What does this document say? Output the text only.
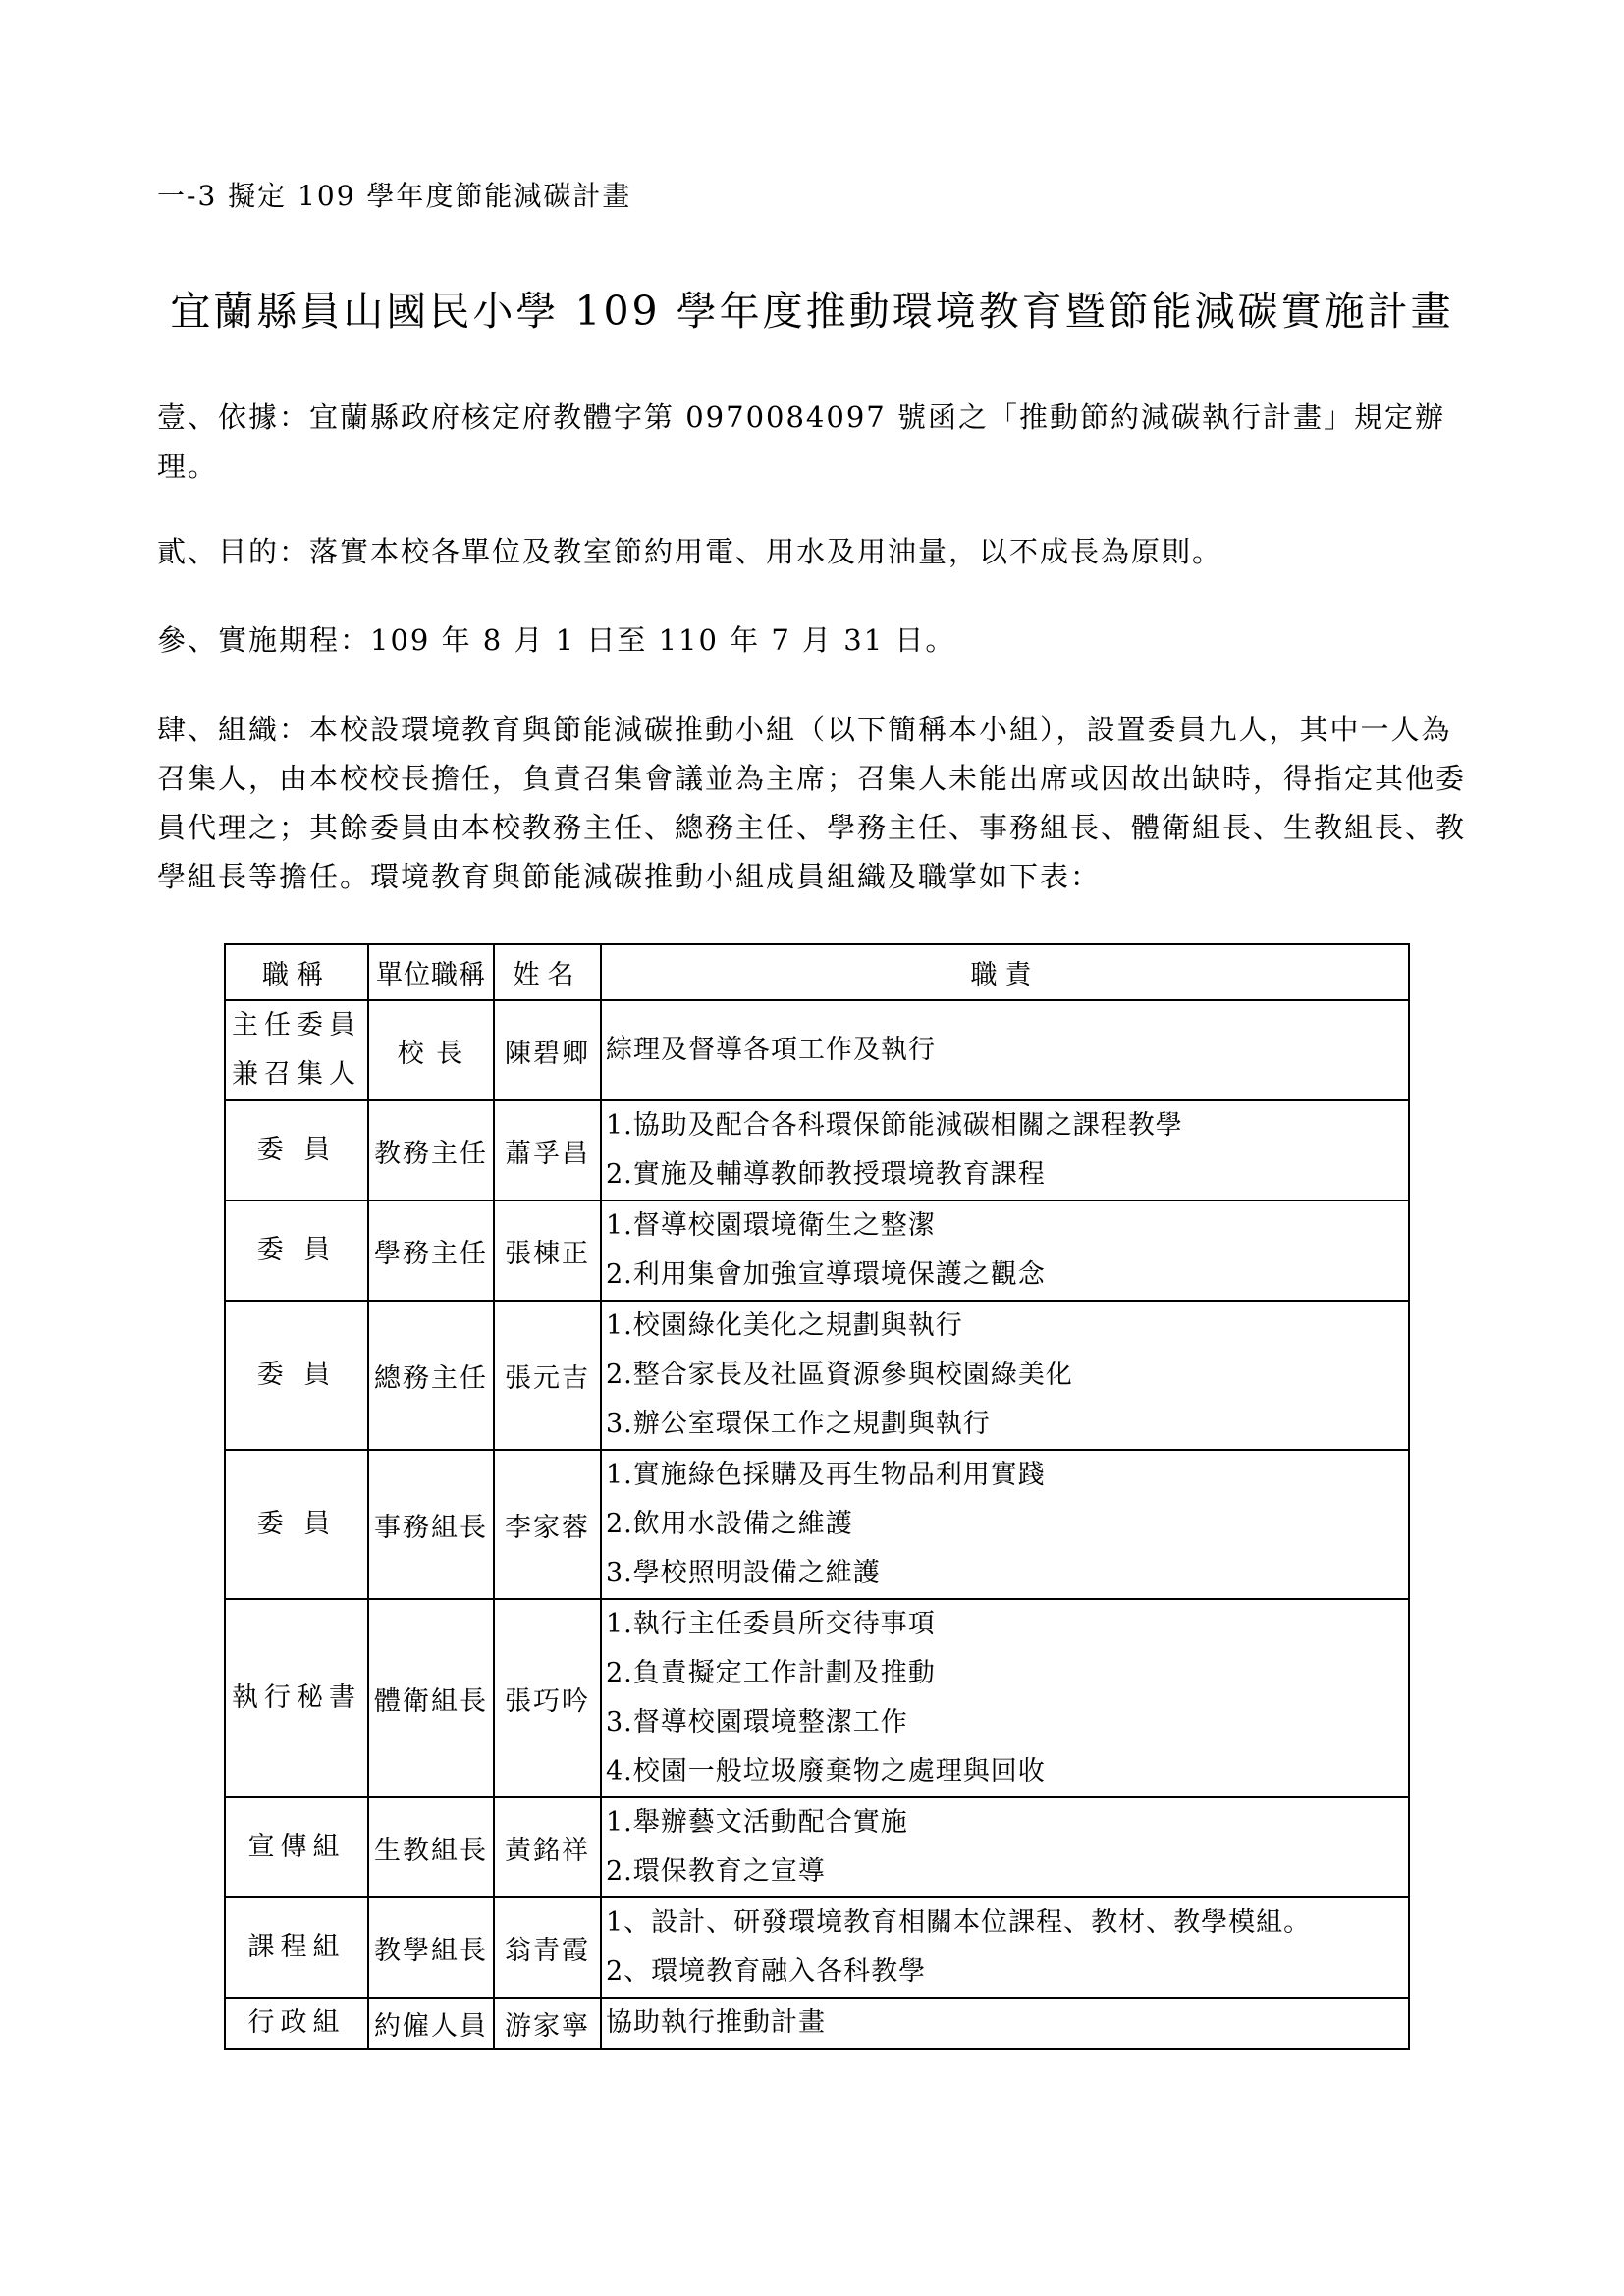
一-3 擬定 109 學年度節能減碳計畫
宜蘭縣員山國民小學 109 學年度推動環境教育暨節能減碳實施計畫
壹、依據：宜蘭縣政府核定府教體字第 0970084097 號函之「推動節約減碳執行計畫」規定辦理。
貳、目的：落實本校各單位及教室節約用電、用水及用油量，以不成長為原則。
參、實施期程：109 年 8 月 1 日至 110 年 7 月 31 日。
肆、組織：本校設環境教育與節能減碳推動小組（以下簡稱本小組），設置委員九人，其中一人為召集人，由本校校長擔任，負責召集會議並為主席；召集人未能出席或因故出缺時，得指定其他委員代理之；其餘委員由本校教務主任、總務主任、學務主任、事務組長、體衛組長、生教組長、教學組長等擔任。環境教育與節能減碳推動小組成員組織及職掌如下表：
職稱	單位職稱	姓名	職責

主任委員
兼召集人	校 長	陳碧卿	綜理及督導各項工作及執行

委 員	教務主任	蕭孚昌	1.協助及配合各科環保節能減碳相關之課程教學
2.實施及輔導教師教授環境教育課程

委 員	學務主任	張棟正	1.督導校園環境衛生之整潔
2.利用集會加強宣導環境保護之觀念

委 員	總務主任	張元吉	1.校園綠化美化之規劃與執行
2.整合家長及社區資源參與校園綠美化
3.辦公室環保工作之規劃與執行

委 員	事務組長	李家蓉	1.實施綠色採購及再生物品利用實踐
2.飲用水設備之維護
3.學校照明設備之維護

執行秘書	體衛組長	張巧吟	1.執行主任委員所交待事項
2.負責擬定工作計劃及推動
3.督導校園環境整潔工作
4.校園一般垃圾廢棄物之處理與回收

宣傳組	生教組長	黃銘祥	1.舉辦藝文活動配合實施
2.環保教育之宣導

課程組	教學組長	翁青霞	1、設計、研發環境教育相關本位課程、教材、教學模組。
2、環境教育融入各科教學

行政組	約僱人員	游家寧	協助執行推動計畫
